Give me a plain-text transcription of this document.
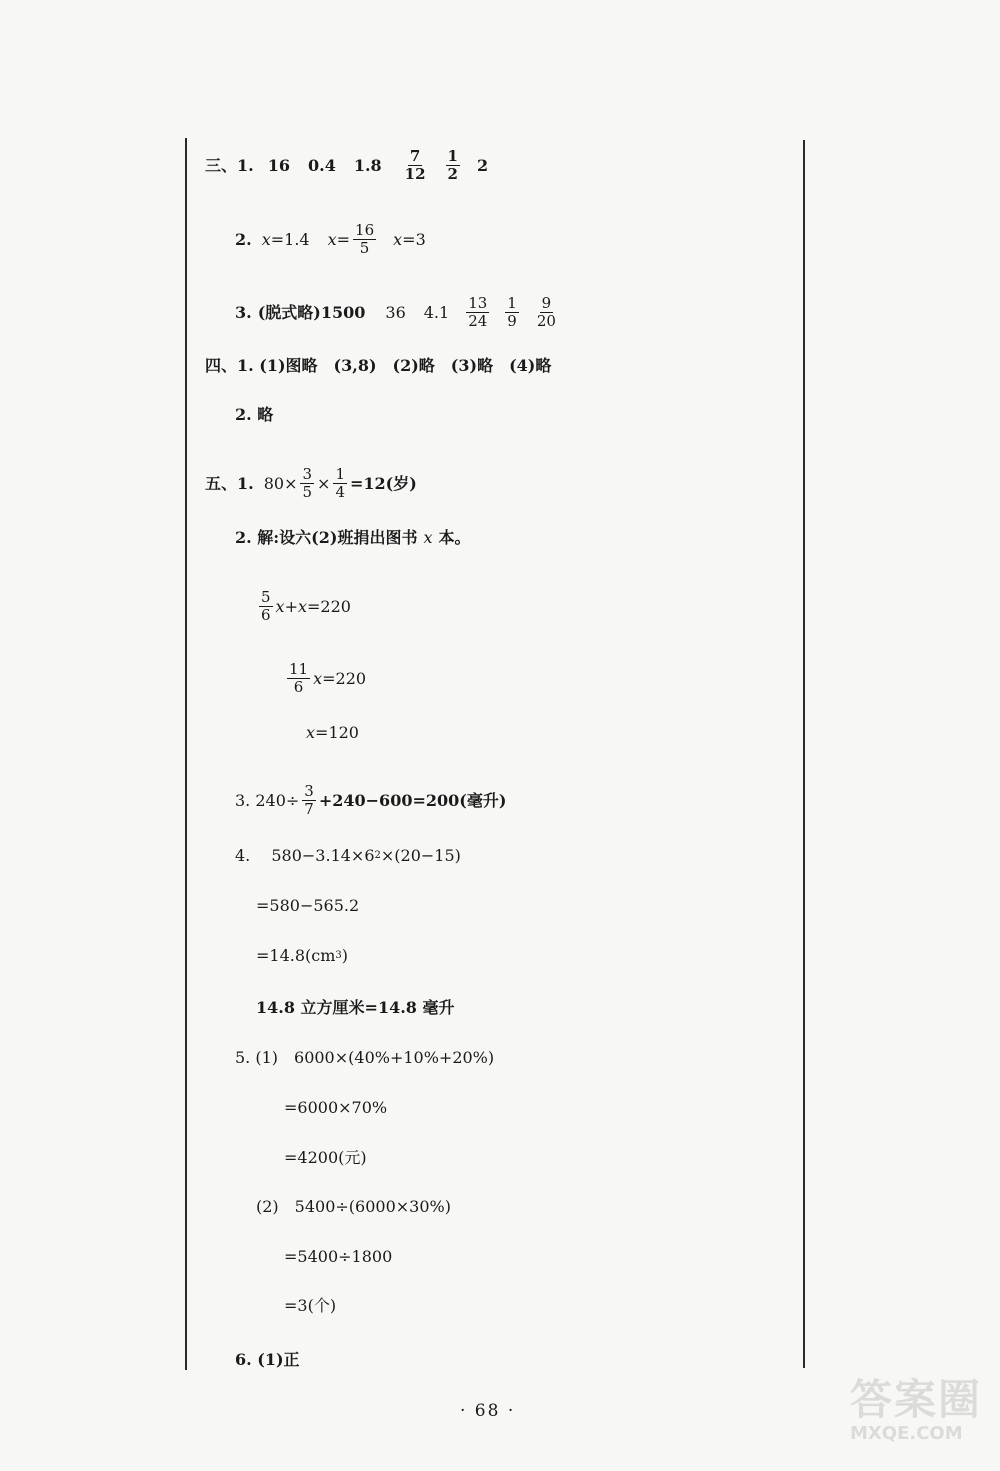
三、1. 16 0.4 $1.8 \frac{7}{12} \frac{1}{2} 2$
2. x =1.4 $x = \frac{16}{5}$ x =3
3. (脱式略)1500 36 $4.1 \frac{13}{24} \frac{1}{9} \frac{9}{20}$
四、1. (1)图略　(3,8)　(2)略　(3)略　(4)略
2. 略
五、1. $80\times \frac{3}{5} \times \frac{1}{4} =12$(岁)
2. 解:设六(2)班捐出图书 x 本。
$\frac{5}{6}$ x + x =220
$\frac{11}{6}$ x =220
x =120
3. $240\div \frac{3}{7} +240-600=200$(毫升)
4.　 580−3.14×6 2 ×(20−15)
=580−565.2
=14.8(cm 3 )
14.8 立方厘米=14.8 毫升
5. (1)　6000×(40%+10%+20%)
=6000×70%
=4200(元)
(2)　5400÷(6000×30%)
=5400÷1800
=3(个)
6. (1)正
· 68 ·	答案圈
MXQE.COM
